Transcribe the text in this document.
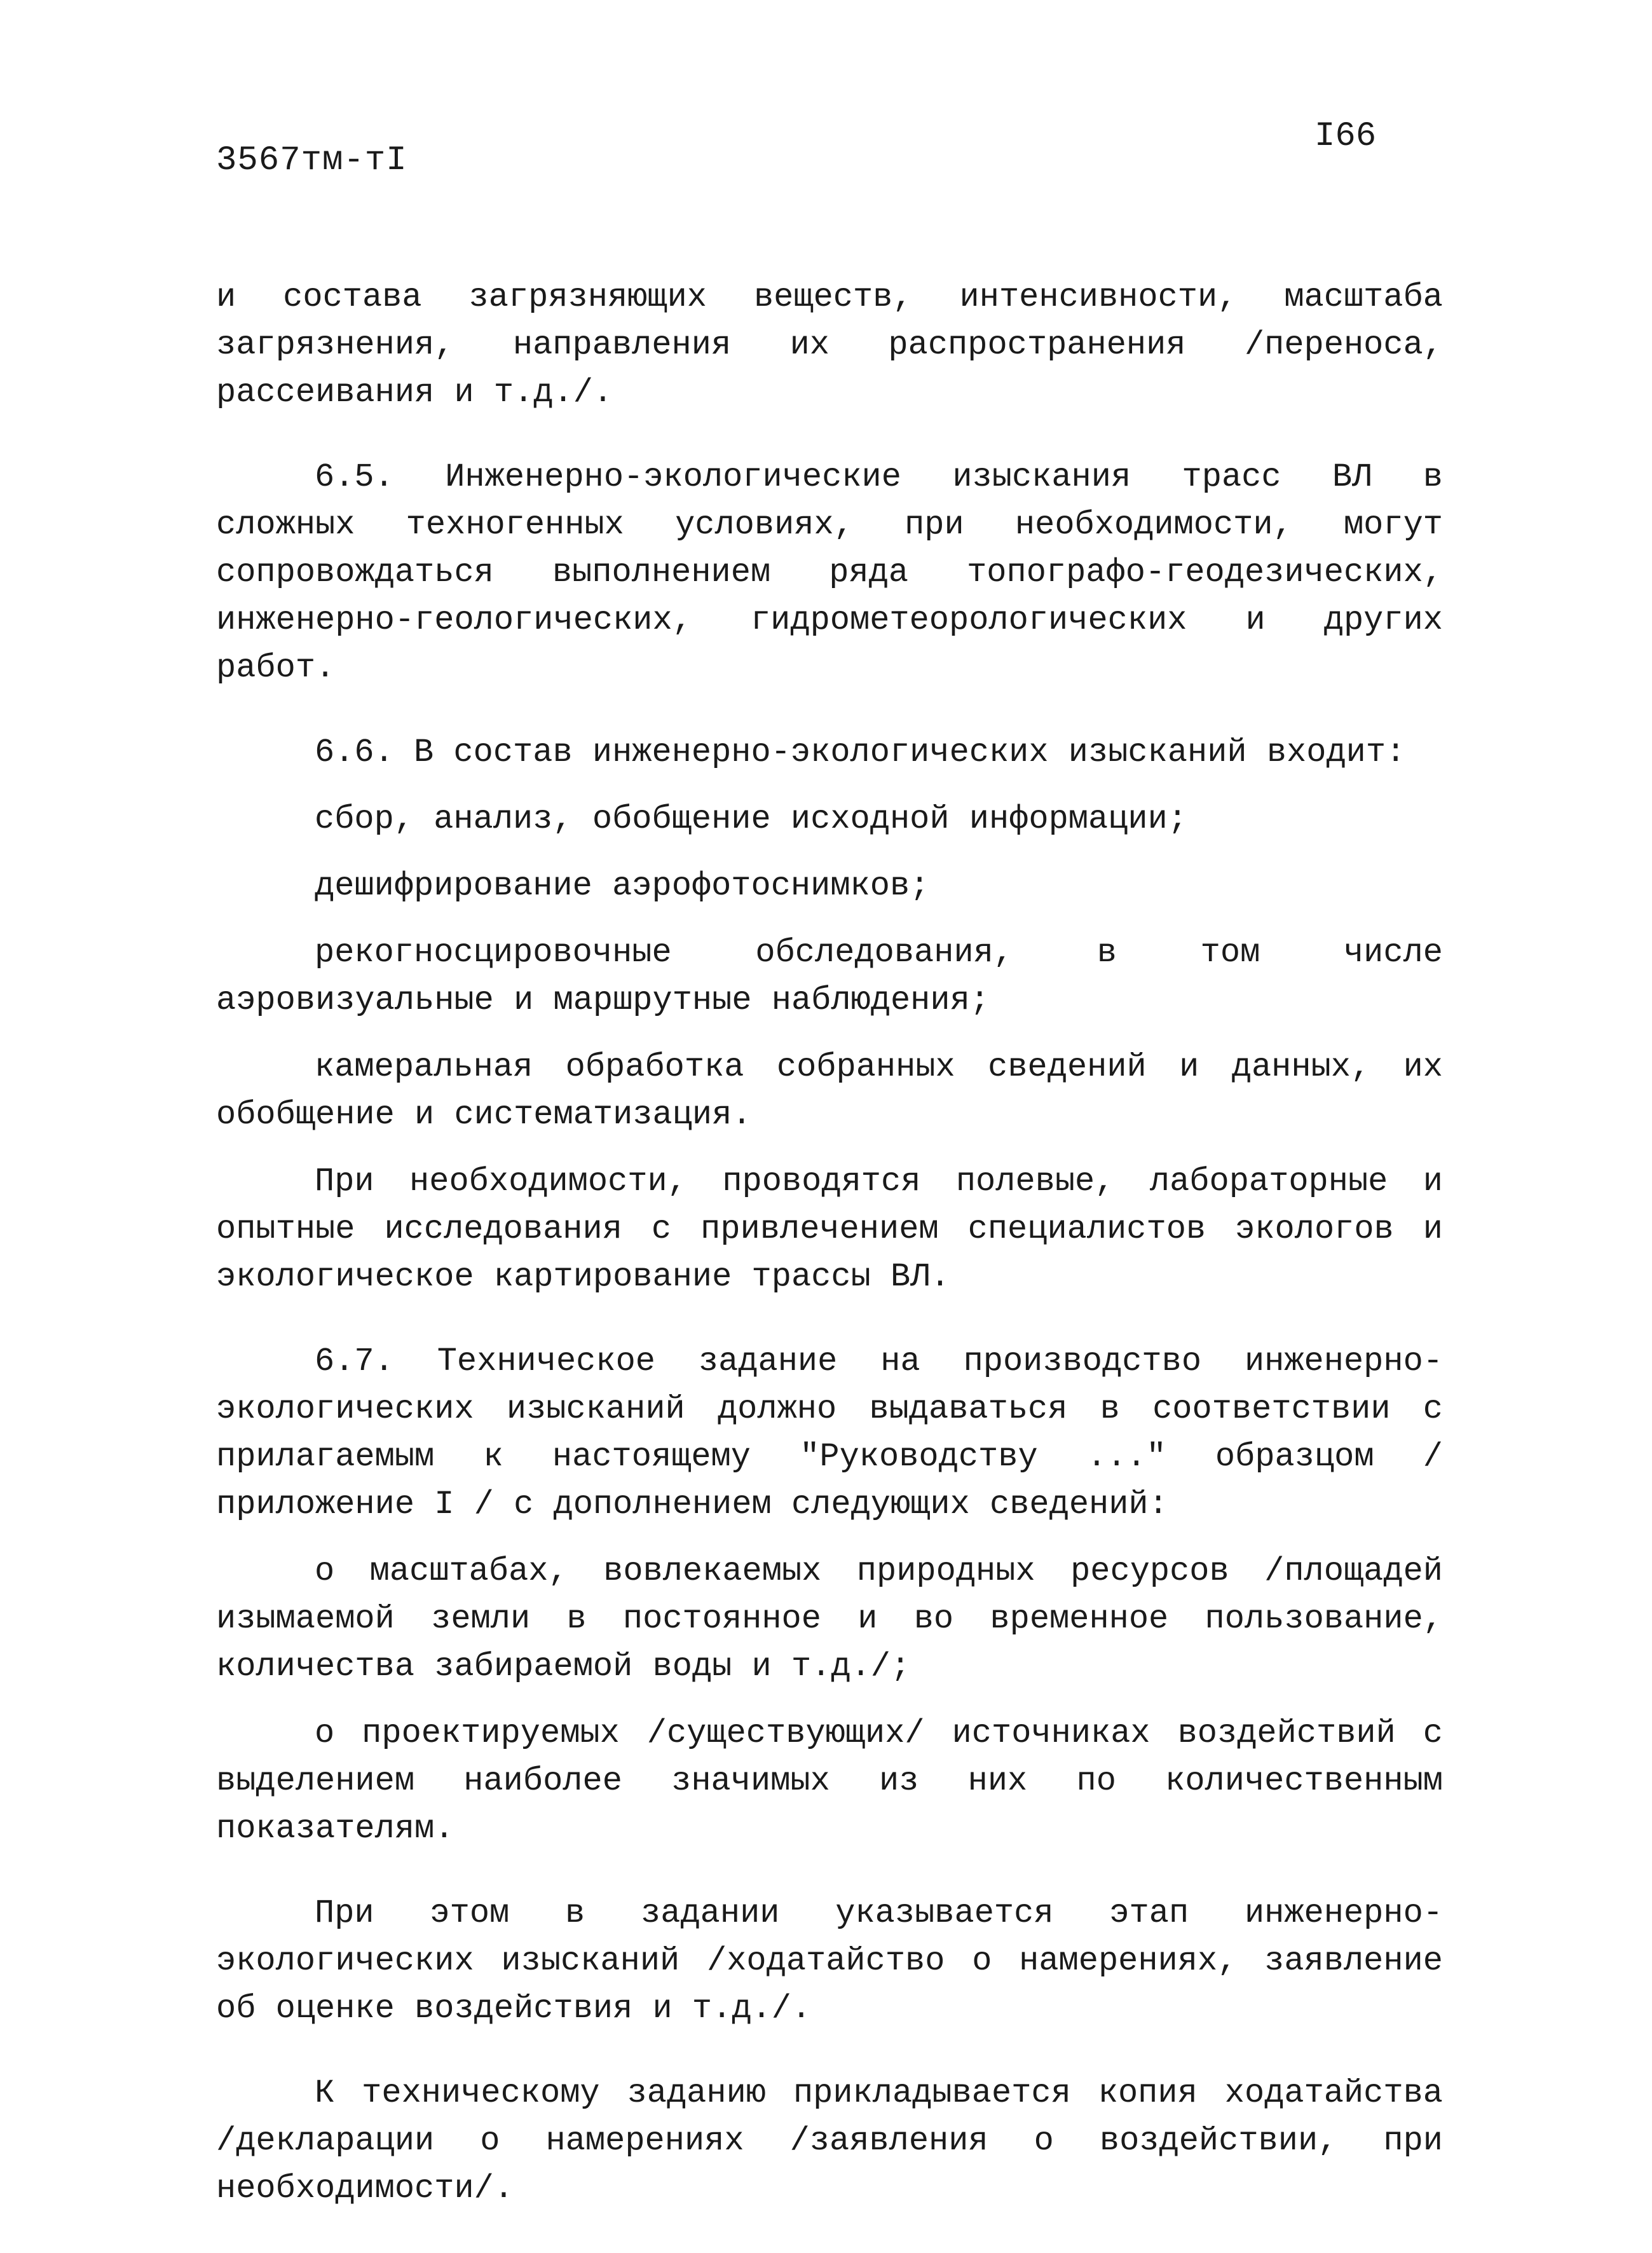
3567тм-тI
I66

и состава загрязняющих веществ, интенсивности, масштаба загрязнения, направления их распространения /переноса, рассеивания и т.д./.

6.5. Инженерно-экологические изыскания трасс ВЛ в сложных техногенных условиях, при необходимости, могут сопровождаться выполнением ряда топографо-геодезических, инженерно-геологических, гидрометеорологических и других работ.

6.6. В состав инженерно-экологических изысканий входит:

сбор, анализ, обобщение исходной информации;

дешифрирование аэрофотоснимков;

рекогносцировочные обследования, в том числе аэровизуальные и маршрутные наблюдения;

камеральная обработка собранных сведений и данных, их обобщение и систематизация.

При необходимости, проводятся полевые, лабораторные и опытные исследования с привлечением специалистов экологов и экологическое картирование трассы ВЛ.

6.7. Техническое задание на производство инженерно-экологических изысканий должно выдаваться в соответствии с прилагаемым к настоящему "Руководству ..." образцом /приложение I / с дополнением следующих сведений:

о масштабах, вовлекаемых природных ресурсов /площадей изымаемой земли в постоянное и во временное пользование, количества забираемой воды и т.д./;

о проектируемых /существующих/ источниках воздействий с выделением наиболее значимых из них по количественным показателям.

При этом в задании указывается этап инженерно-экологических изысканий /ходатайство о намерениях, заявление об оценке воздействия и т.д./.

К техническому заданию прикладывается копия ходатайства /декларации о намерениях /заявления о воздействии, при необходимости/.
